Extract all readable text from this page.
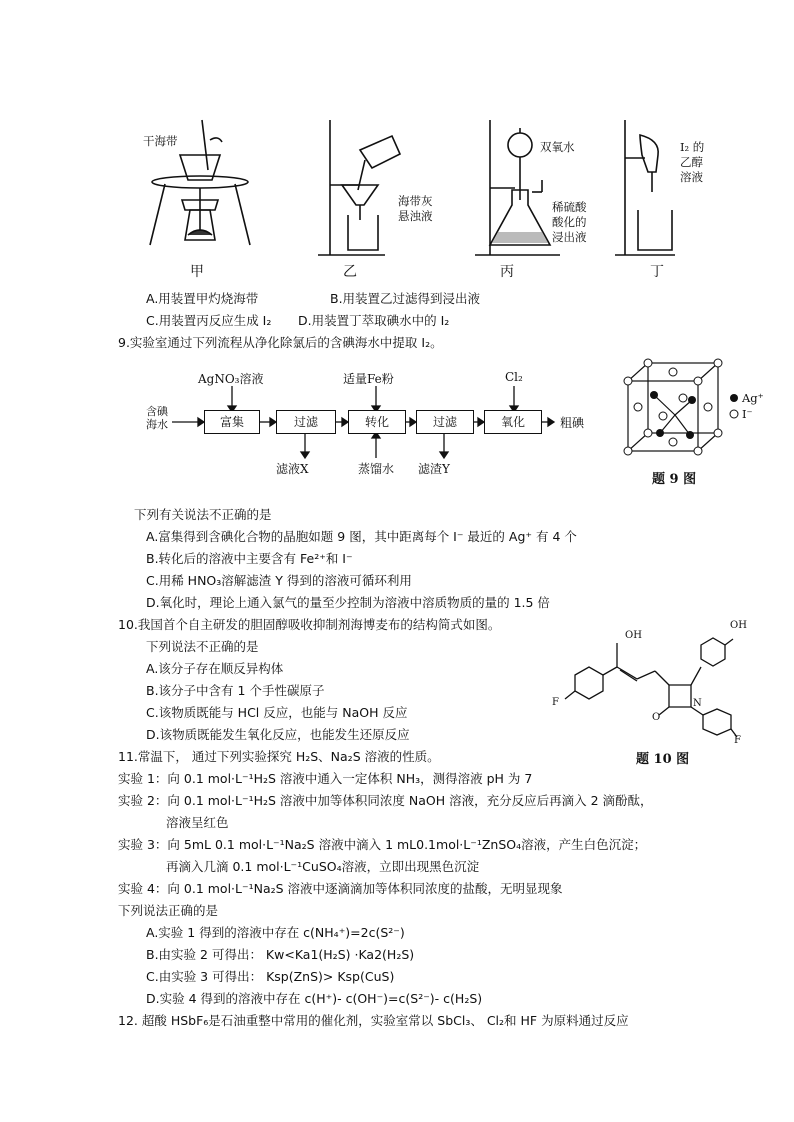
干海带
甲
海带灰
悬浊液
乙
双氧水
稀硫酸
酸化的
浸出液
丙
I₂ 的
乙醇
溶液
丁
A.用装置甲灼烧海带	B.用装置乙过滤得到浸出液
C.用装置丙反应生成 I₂ D.用装置丁萃取碘水中的 I₂
9.实验室通过下列流程从净化除氯后的含碘海水中提取 I₂。
含碘
海水	富集	过滤	转化	过滤	氧化
AgNO₃溶液	适量Fe粉	Cl₂
滤液X	蒸馏水 滤渣Y
粗碘
Ag⁺
I⁻
题 9 图
下列有关说法不正确的是
A.富集得到含碘化合物的晶胞如题 9 图，其中距离每个 I⁻ 最近的 Ag⁺ 有 4 个
B.转化后的溶液中主要含有 Fe²⁺和 I⁻
C.用稀 HNO₃溶解滤渣 Y 得到的溶液可循环利用
D.氧化时，理论上通入氯气的量至少控制为溶液中溶质物质的量的 1.5 倍
10.我国首个自主研发的胆固醇吸收抑制剂海博麦布的结构简式如图。
下列说法不正确的是
A.该分子存在顺反异构体
B.该分子中含有 1 个手性碳原子
C.该物质既能与 HCl 反应，也能与 NaOH 反应
D.该物质既能发生氧化反应，也能发生还原反应
OH
OH
F
F
O
N
题 10 图
11.常温下， 通过下列实验探究 H₂S、Na₂S 溶液的性质。
实验 1：向 0.1 mol·L⁻¹H₂S 溶液中通入一定体积 NH₃，测得溶液 pH 为 7
实验 2：向 0.1 mol·L⁻¹H₂S 溶液中加等体积同浓度 NaOH 溶液，充分反应后再滴入 2 滴酚酞，
溶液呈红色
实验 3：向 5mL 0.1 mol·L⁻¹Na₂S 溶液中滴入 1 mL0.1mol·L⁻¹ZnSO₄溶液，产生白色沉淀；
再滴入几滴 0.1 mol·L⁻¹CuSO₄溶液，立即出现黑色沉淀
实验 4：向 0.1 mol·L⁻¹Na₂S 溶液中逐滴滴加等体积同浓度的盐酸，无明显现象
下列说法正确的是
A.实验 1 得到的溶液中存在 c(NH₄⁺)=2c(S²⁻)
B.由实验 2 可得出： Kw<Ka1(H₂S) ·Ka2(H₂S)
C.由实验 3 可得出： Ksp(ZnS)> Ksp(CuS)
D.实验 4 得到的溶液中存在 c(H⁺)- c(OH⁻)=c(S²⁻)- c(H₂S)
12. 超酸 HSbF₆是石油重整中常用的催化剂，实验室常以 SbCl₃、 Cl₂和 HF 为原料通过反应
